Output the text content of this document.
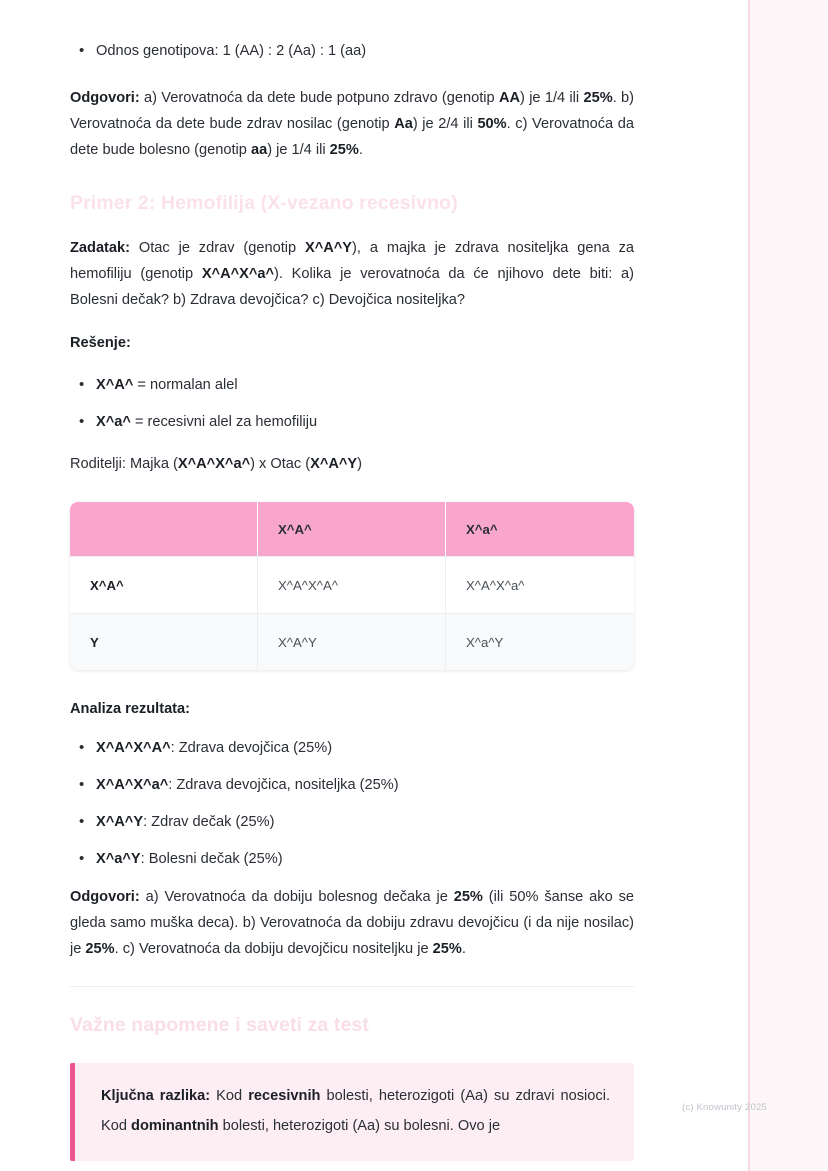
• Odnos genotipova: 1 (AA) : 2 (Aa) : 1 (aa)

Odgovori: a) Verovatnoća da dete bude potpuno zdravo (genotip AA) je 1/4 ili 25%. b) Verovatnoća da dete bude zdrav nosilac (genotip Aa) je 2/4 ili 50%. c) Verovatnoća da dete bude bolesno (genotip aa) je 1/4 ili 25%.

Primer 2: Hemofilija (X-vezano recesivno)

Zadatak: Otac je zdrav (genotip X^A^Y), a majka je zdrava nositeljka gena za hemofiliju (genotip X^A^X^a^). Kolika je verovatnoća da će njihovo dete biti: a) Bolesni dečak? b) Zdrava devojčica? c) Devojčica nositeljka?

Rešenje:
• X^A^ = normalan alel
• X^a^ = recesivni alel za hemofiliju

Roditelji: Majka (X^A^X^a^) x Otac (X^A^Y)

	X^A^	X^a^
X^A^	X^A^X^A^	X^A^X^a^
Y	X^A^Y	X^a^Y
Analiza rezultata:
• X^A^X^A^: Zdrava devojčica (25%)
• X^A^X^a^: Zdrava devojčica, nositeljka (25%)
• X^A^Y: Zdrav dečak (25%)
• X^a^Y: Bolesni dečak (25%)

Odgovori: a) Verovatnoća da dobiju bolesnog dečaka je 25% (ili 50% šanse ako se gleda samo muška deca). b) Verovatnoća da dobiju zdravu devojčicu (i da nije nosilac) je 25%. c) Verovatnoća da dobiju devojčicu nositeljku je 25%.

Važne napomene i saveti za test

Ključna razlika: Kod recesivnih bolesti, heterozigoti (Aa) su zdravi nosioci. Kod dominantnih bolesti, heterozigoti (Aa) su bolesni. Ovo je

(c) Knowunity 2025
